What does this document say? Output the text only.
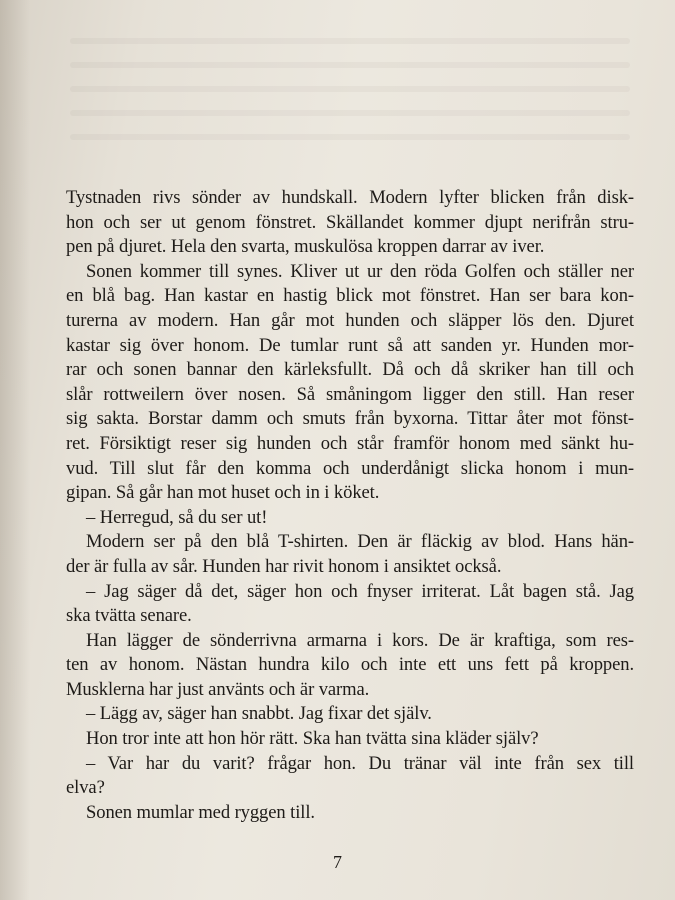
Tystnaden rivs sönder av hundskall. Modern lyfter blicken från disk-
hon och ser ut genom fönstret. Skällandet kommer djupt nerifrån stru-
pen på djuret. Hela den svarta, muskulösa kroppen darrar av iver.
Sonen kommer till synes. Kliver ut ur den röda Golfen och ställer ner
en blå bag. Han kastar en hastig blick mot fönstret. Han ser bara kon-
turerna av modern. Han går mot hunden och släpper lös den. Djuret
kastar sig över honom. De tumlar runt så att sanden yr. Hunden mor-
rar och sonen bannar den kärleksfullt. Då och då skriker han till och
slår rottweilern över nosen. Så småningom ligger den still. Han reser
sig sakta. Borstar damm och smuts från byxorna. Tittar åter mot fönst-
ret. Försiktigt reser sig hunden och står framför honom med sänkt hu-
vud. Till slut får den komma och underdånigt slicka honom i mun-
gipan. Så går han mot huset och in i köket.
– Herregud, så du ser ut!
Modern ser på den blå T-shirten. Den är fläckig av blod. Hans hän-
der är fulla av sår. Hunden har rivit honom i ansiktet också.
– Jag säger då det, säger hon och fnyser irriterat. Låt bagen stå. Jag
ska tvätta senare.
Han lägger de sönderrivna armarna i kors. De är kraftiga, som res-
ten av honom. Nästan hundra kilo och inte ett uns fett på kroppen.
Musklerna har just använts och är varma.
– Lägg av, säger han snabbt. Jag fixar det själv.
Hon tror inte att hon hör rätt. Ska han tvätta sina kläder själv?
– Var har du varit? frågar hon. Du tränar väl inte från sex till
elva?
Sonen mumlar med ryggen till.
7
